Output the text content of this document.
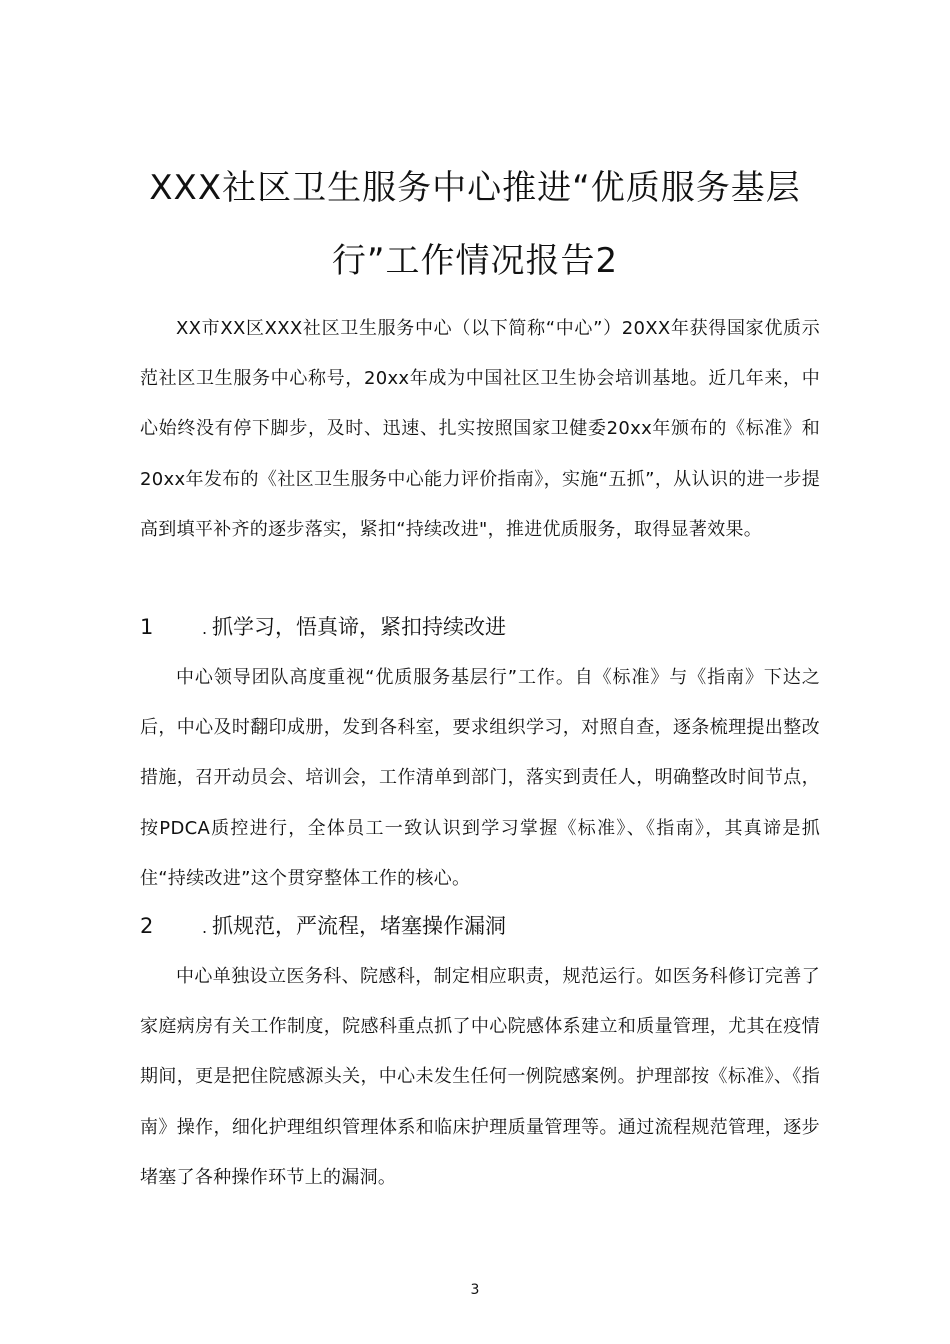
XXX社区卫生服务中心推进“优质服务基层
行”工作情况报告2

XX市XX区XXX社区卫生服务中心（以下简称“中心”）20XX年获得国家优质示范社区卫生服务中心称号，20xx年成为中国社区卫生协会培训基地。近几年来，中心始终没有停下脚步，及时、迅速、扎实按照国家卫健委20xx年颁布的《标准》和20xx年发布的《社区卫生服务中心能力评价指南》，实施“五抓”，从认识的进一步提高到填平补齐的逐步落实，紧扣“持续改进"，推进优质服务，取得显著效果。

1	. 抓学习，悟真谛，紧扣持续改进

中心领导团队高度重视“优质服务基层行”工作。自《标准》与《指南》下达之后，中心及时翻印成册，发到各科室，要求组织学习，对照自查，逐条梳理提出整改措施，召开动员会、培训会，工作清单到部门，落实到责任人，明确整改时间节点，按PDCA质控进行，全体员工一致认识到学习掌握《标准》、《指南》，其真谛是抓住“持续改进”这个贯穿整体工作的核心。

2	. 抓规范，严流程，堵塞操作漏洞

中心单独设立医务科、院感科，制定相应职责，规范运行。如医务科修订完善了家庭病房有关工作制度，院感科重点抓了中心院感体系建立和质量管理，尤其在疫情期间，更是把住院感源头关，中心未发生任何一例院感案例。护理部按《标准》、《指南》操作，细化护理组织管理体系和临床护理质量管理等。通过流程规范管理，逐步堵塞了各种操作环节上的漏洞。

3
